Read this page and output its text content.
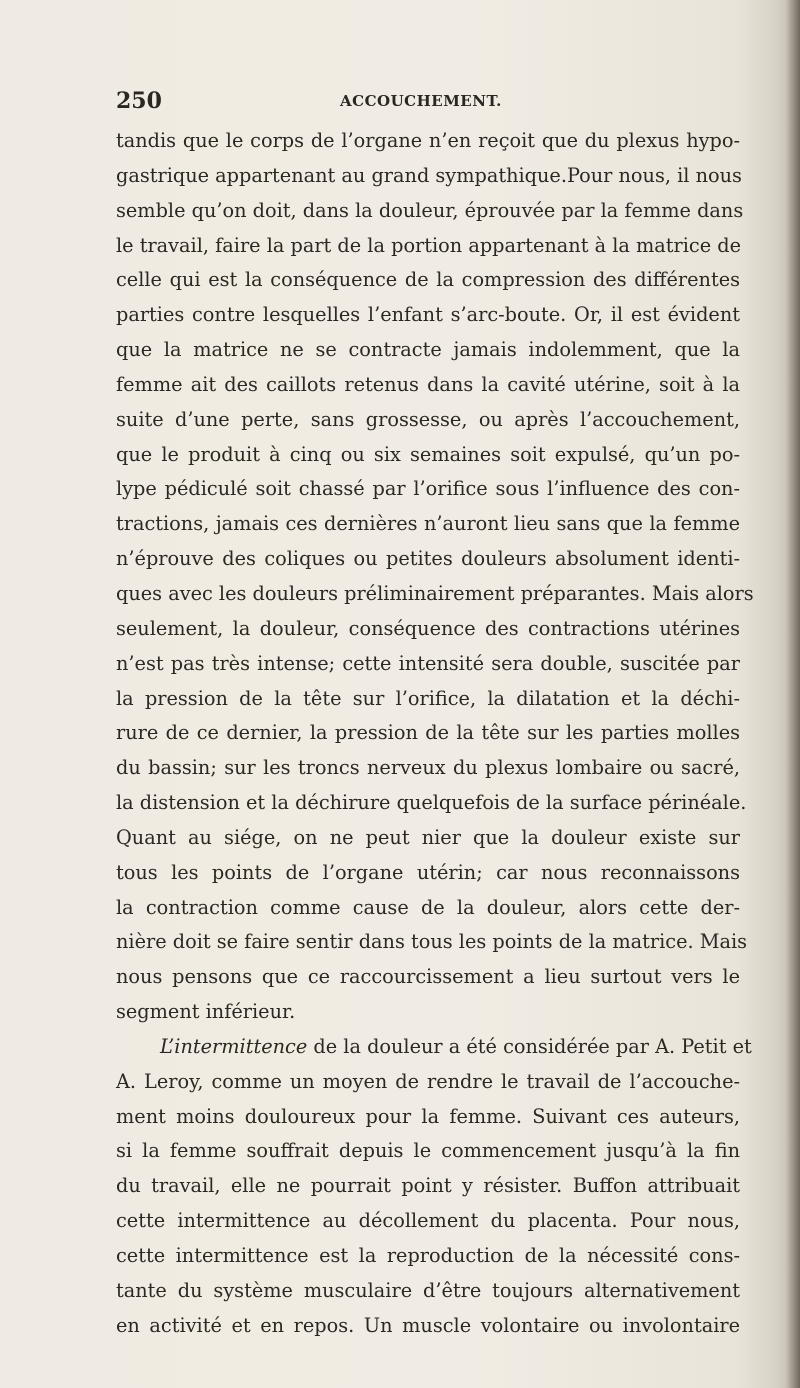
250	ACCOUCHEMENT.
tandis que le corps de l’organe n’en reçoit que du plexus hypo-
gastrique appartenant au grand sympathique.Pour nous, il nous
semble qu’on doit, dans la douleur, éprouvée par la femme dans
le travail, faire la part de la portion appartenant à la matrice de
celle qui est la conséquence de la compression des différentes
parties contre lesquelles l’enfant s’arc-boute. Or, il est évident
que la matrice ne se contracte jamais indolemment, que la
femme ait des caillots retenus dans la cavité utérine, soit à la
suite d’une perte, sans grossesse, ou après l’accouchement,
que le produit à cinq ou six semaines soit expulsé, qu’un po-
lype pédiculé soit chassé par l’orifice sous l’influence des con-
tractions, jamais ces dernières n’auront lieu sans que la femme
n’éprouve des coliques ou petites douleurs absolument identi-
ques avec les douleurs préliminairement préparantes. Mais alors
seulement, la douleur, conséquence des contractions utérines
n’est pas très intense; cette intensité sera double, suscitée par
la pression de la tête sur l’orifice, la dilatation et la déchi-
rure de ce dernier, la pression de la tête sur les parties molles
du bassin; sur les troncs nerveux du plexus lombaire ou sacré,
la distension et la déchirure quelquefois de la surface périnéale.
Quant au siége, on ne peut nier que la douleur existe sur
tous les points de l’organe utérin; car nous reconnaissons
la contraction comme cause de la douleur, alors cette der-
nière doit se faire sentir dans tous les points de la matrice. Mais
nous pensons que ce raccourcissement a lieu surtout vers le
segment inférieur.
L’intermittence de la douleur a été considérée par A. Petit et
A. Leroy, comme un moyen de rendre le travail de l’accouche-
ment moins douloureux pour la femme. Suivant ces auteurs,
si la femme souffrait depuis le commencement jusqu’à la fin
du travail, elle ne pourrait point y résister. Buffon attribuait
cette intermittence au décollement du placenta. Pour nous,
cette intermittence est la reproduction de la nécessité cons-
tante du système musculaire d’être toujours alternativement
en activité et en repos. Un muscle volontaire ou involontaire
